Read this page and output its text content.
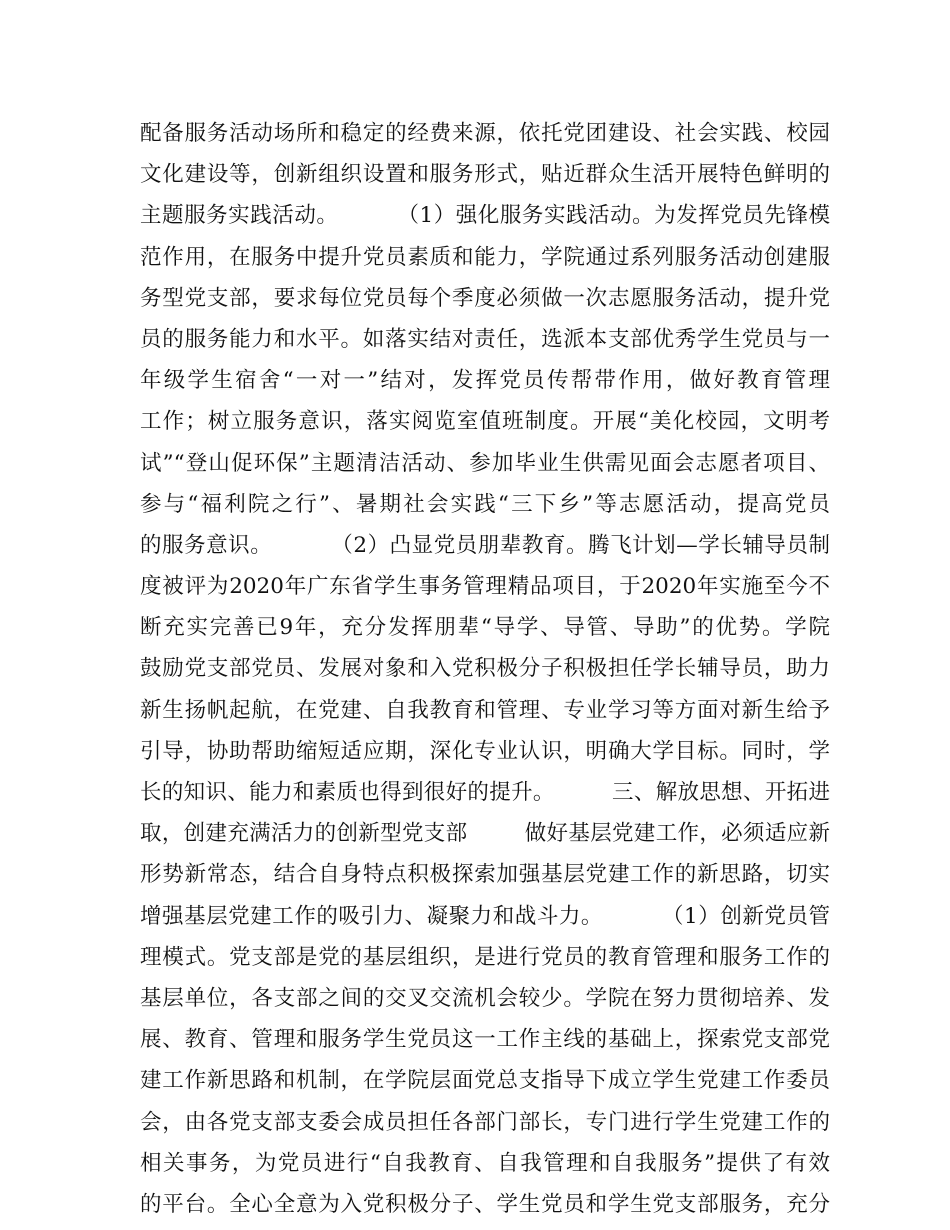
配备服务活动场所和稳定的经费来源，依托党团建设、社会实践、校园
文化建设等，创新组织设置和服务形式，贴近群众生活开展特色鲜明的
主题服务实践活动。        （1）强化服务实践活动。为发挥党员先锋模
范作用，在服务中提升党员素质和能力，学院通过系列服务活动创建服
务型党支部，要求每位党员每个季度必须做一次志愿服务活动，提升党
员的服务能力和水平。如落实结对责任，选派本支部优秀学生党员与一
年级学生宿舍“一对一”结对，发挥党员传帮带作用，做好教育管理
工作；树立服务意识，落实阅览室值班制度。开展“美化校园，文明考
试”“登山促环保”主题清洁活动、参加毕业生供需见面会志愿者项目、
参与“福利院之行”、暑期社会实践“三下乡”等志愿活动，提高党员
的服务意识。        （2）凸显党员朋辈教育。腾飞计划—学长辅导员制
度被评为2020年广东省学生事务管理精品项目，于2020年实施至今不
断充实完善已9年，充分发挥朋辈“导学、导管、导助”的优势。学院
鼓励党支部党员、发展对象和入党积极分子积极担任学长辅导员，助力
新生扬帆起航，在党建、自我教育和管理、专业学习等方面对新生给予
引导，协助帮助缩短适应期，深化专业认识，明确大学目标。同时，学
长的知识、能力和素质也得到很好的提升。        三、解放思想、开拓进
取，创建充满活力的创新型党支部        做好基层党建工作，必须适应新
形势新常态，结合自身特点积极探索加强基层党建工作的新思路，切实
增强基层党建工作的吸引力、凝聚力和战斗力。        （1）创新党员管
理模式。党支部是党的基层组织，是进行党员的教育管理和服务工作的
基层单位，各支部之间的交叉交流机会较少。学院在努力贯彻培养、发
展、教育、管理和服务学生党员这一工作主线的基础上，探索党支部党
建工作新思路和机制，在学院层面党总支指导下成立学生党建工作委员
会，由各党支部支委会成员担任各部门部长，专门进行学生党建工作的
相关事务，为党员进行“自我教育、自我管理和自我服务”提供了有效
的平台。全心全意为入党积极分子、学生党员和学生党支部服务，充分
